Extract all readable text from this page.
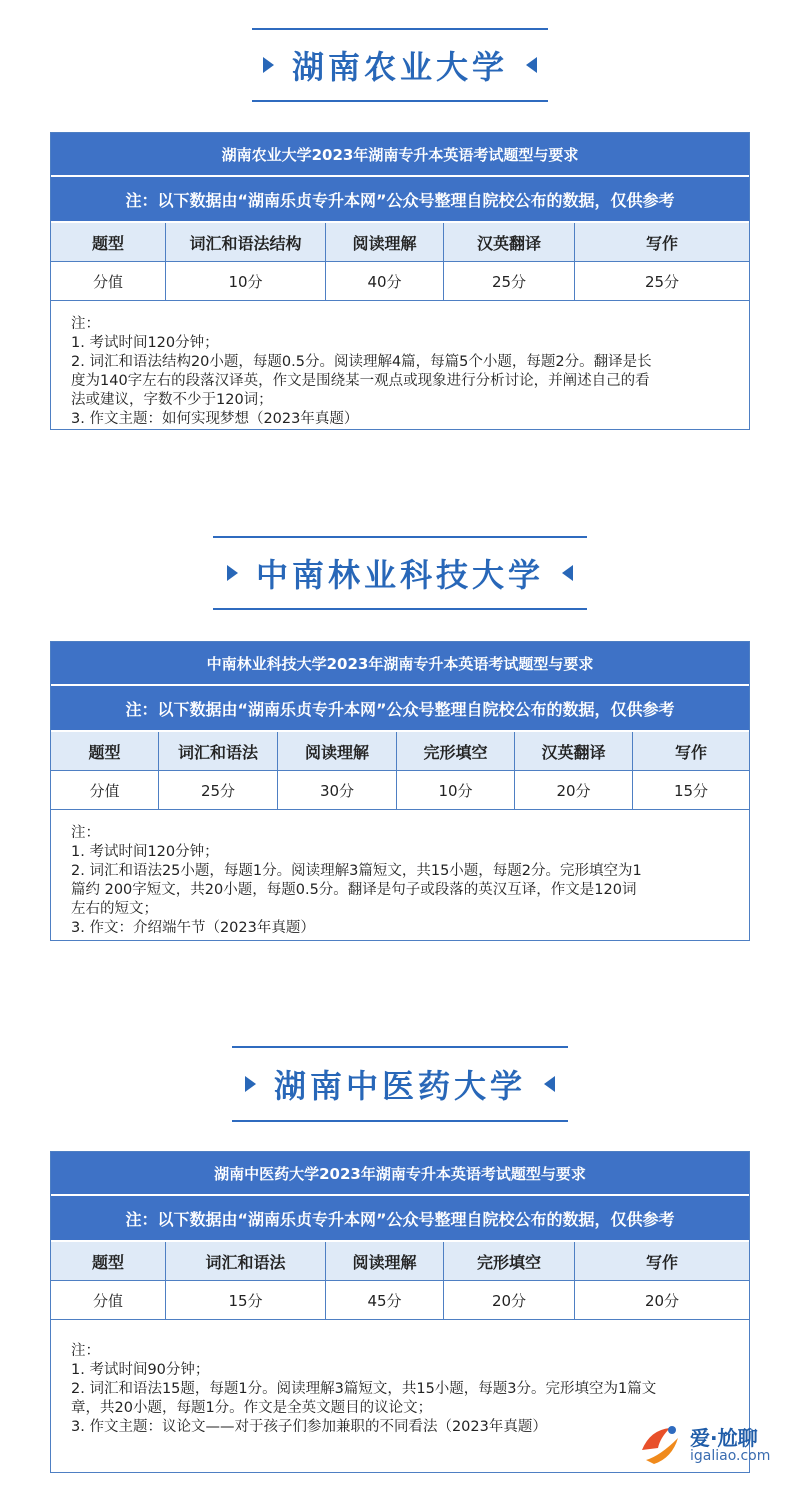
湖南农业大学
湖南农业大学2023年湖南专升本英语考试题型与要求
注：以下数据由“湖南乐贞专升本网”公众号整理自院校公布的数据，仅供参考
题型	词汇和语法结构	阅读理解	汉英翻译	写作
分值	10分	40分	25分	25分
注：
1. 考试时间120分钟；
2. 词汇和语法结构20小题，每题0.5分。阅读理解4篇，每篇5个小题，每题2分。翻译是长
度为140字左右的段落汉译英，作文是围绕某一观点或现象进行分析讨论，并阐述自己的看
法或建议，字数不少于120词；
3. 作文主题：如何实现梦想（2023年真题）
中南林业科技大学
中南林业科技大学2023年湖南专升本英语考试题型与要求
注：以下数据由“湖南乐贞专升本网”公众号整理自院校公布的数据，仅供参考
题型	词汇和语法	阅读理解	完形填空	汉英翻译	写作
分值	25分	30分	10分	20分	15分
注：
1. 考试时间120分钟；
2. 词汇和语法25小题，每题1分。阅读理解3篇短文，共15小题，每题2分。完形填空为1
篇约 200字短文，共20小题，每题0.5分。翻译是句子或段落的英汉互译，作文是120词
左右的短文；
3. 作文：介绍端午节（2023年真题）
湖南中医药大学
湖南中医药大学2023年湖南专升本英语考试题型与要求
注：以下数据由“湖南乐贞专升本网”公众号整理自院校公布的数据，仅供参考
题型	词汇和语法	阅读理解	完形填空	写作
分值	15分	45分	20分	20分
注：
1. 考试时间90分钟；
2. 词汇和语法15题，每题1分。阅读理解3篇短文，共15小题，每题3分。完形填空为1篇文
章，共20小题，每题1分。作文是全英文题目的议论文；
3. 作文主题：议论文——对于孩子们参加兼职的不同看法（2023年真题）	爱·尬聊
igaliao.com
